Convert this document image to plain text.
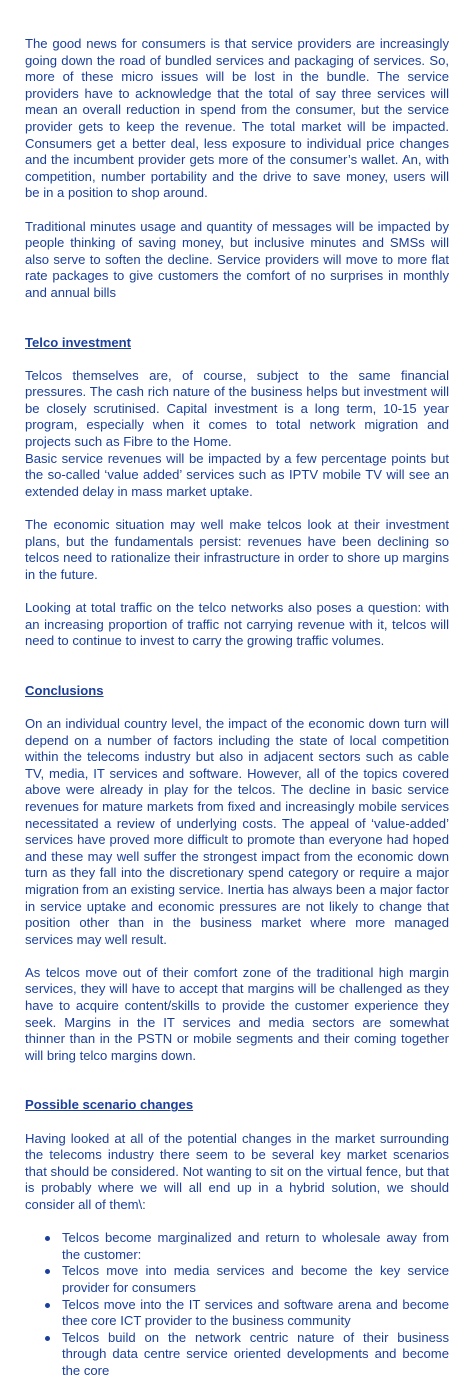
The good news for consumers is that service providers are increasingly going down the road of bundled services and packaging of services. So, more of these micro issues will be lost in the bundle. The service providers have to acknowledge that the total of say three services will mean an overall reduction in spend from the consumer, but the service provider gets to keep the revenue. The total market will be impacted. Consumers get a better deal, less exposure to individual price changes and the incumbent provider gets more of the consumer’s wallet. An, with competition, number portability and the drive to save money, users will be in a position to shop around.

Traditional minutes usage and quantity of messages will be impacted by people thinking of saving money, but inclusive minutes and SMSs will also serve to soften the decline. Service providers will move to more flat rate packages to give customers the comfort of no surprises in monthly and annual bills

Telco investment

Telcos themselves are, of course, subject to the same financial pressures. The cash rich nature of the business helps but investment will be closely scrutinised. Capital investment is a long term, 10-15 year program, especially when it comes to total network migration and projects such as Fibre to the Home.

Basic service revenues will be impacted by a few percentage points but the so-called ‘value added’ services such as IPTV mobile TV will see an extended delay in mass market uptake.

The economic situation may well make telcos look at their investment plans, but the fundamentals persist: revenues have been declining so telcos need to rationalize their infrastructure in order to shore up margins in the future.

Looking at total traffic on the telco networks also poses a question: with an increasing proportion of traffic not carrying revenue with it, telcos will need to continue to invest to carry the growing traffic volumes.

Conclusions

On an individual country level, the impact of the economic down turn will depend on a number of factors including the state of local competition within the telecoms industry but also in adjacent sectors such as cable TV, media, IT services and software. However, all of the topics covered above were already in play for the telcos. The decline in basic service revenues for mature markets from fixed and increasingly mobile services necessitated a review of underlying costs. The appeal of ‘value-added’ services have proved more difficult to promote than everyone had hoped and these may well suffer the strongest impact from the economic down turn as they fall into the discretionary spend category or require a major migration from an existing service. Inertia has always been a major factor in service uptake and economic pressures are not likely to change that position other than in the business market where more managed services may well result.

As telcos move out of their comfort zone of the traditional high margin services, they will have to accept that margins will be challenged as they have to acquire content/skills to provide the customer experience they seek. Margins in the IT services and media sectors are somewhat thinner than in the PSTN or mobile segments and their coming together will bring telco margins down.

Possible scenario changes

Having looked at all of the potential changes in the market surrounding the telecoms industry there seem to be several key market scenarios that should be considered. Not wanting to sit on the virtual fence, but that is probably where we will all end up in a hybrid solution, we should consider all of them\:

Telcos become marginalized and return to wholesale away from the customer:
Telcos move into media services and become the key service provider for consumers
Telcos move into the IT services and software arena and become thee core ICT provider to the business community
Telcos build on the network centric nature of their business through data centre service oriented developments and become the core
